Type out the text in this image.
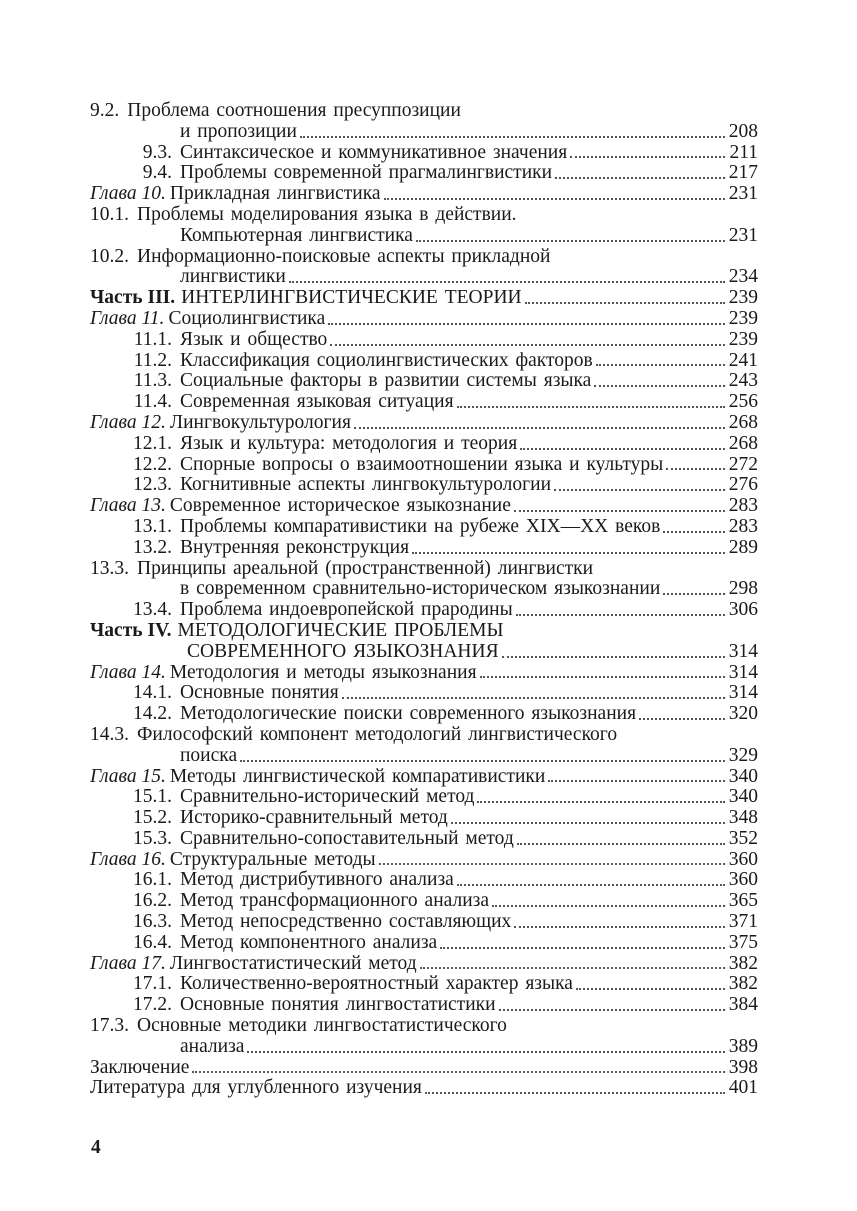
9.2. Проблема соотношения пресуппозиции
и пропозиции	208
9.3. Синтаксическое и коммуникативное значения	211
9.4. Проблемы современной прагмалингвистики	217
Глава 10. Прикладная лингвистика	231
10.1. Проблемы моделирования языка в действии.
Компьютерная лингвистика	231
10.2. Информационно-поисковые аспекты прикладной
лингвистики	234
Часть III. ИНТЕРЛИНГВИСТИЧЕСКИЕ ТЕОРИИ	239
Глава 11. Социолингвистика	239
11.1. Язык и общество	239
11.2. Классификация социолингвистических факторов	241
11.3. Социальные факторы в развитии системы языка	243
11.4. Современная языковая ситуация	256
Глава 12. Лингвокультурология	268
12.1. Язык и культура: методология и теория	268
12.2. Спорные вопросы о взаимоотношении языка и культуры	272
12.3. Когнитивные аспекты лингвокультурологии	276
Глава 13. Современное историческое языкознание	283
13.1. Проблемы компаративистики на рубеже XIX—XX веков	283
13.2. Внутренняя реконструкция	289
13.3. Принципы ареальной (пространственной) лингвистки
в современном сравнительно-историческом языкознании	298
13.4. Проблема индоевропейской прародины	306
Часть IV. МЕТОДОЛОГИЧЕСКИЕ ПРОБЛЕМЫ
СОВРЕМЕННОГО ЯЗЫКОЗНАНИЯ	314
Глава 14. Методология и методы языкознания	314
14.1. Основные понятия	314
14.2. Методологические поиски современного языкознания	320
14.3. Философский компонент методологий лингвистического
поиска	329
Глава 15. Методы лингвистической компаративистики	340
15.1. Сравнительно-исторический метод	340
15.2. Историко-сравнительный метод	348
15.3. Сравнительно-сопоставительный метод	352
Глава 16. Структуральные методы	360
16.1. Метод дистрибутивного анализа	360
16.2. Метод трансформационного анализа	365
16.3. Метод непосредственно составляющих	371
16.4. Метод компонентного анализа	375
Глава 17. Лингвостатистический метод	382
17.1. Количественно-вероятностный характер языка	382
17.2. Основные понятия лингвостатистики	384
17.3. Основные методики лингвостатистического
анализа	389
Заключение	398
Литература для углубленного изучения	401
4
